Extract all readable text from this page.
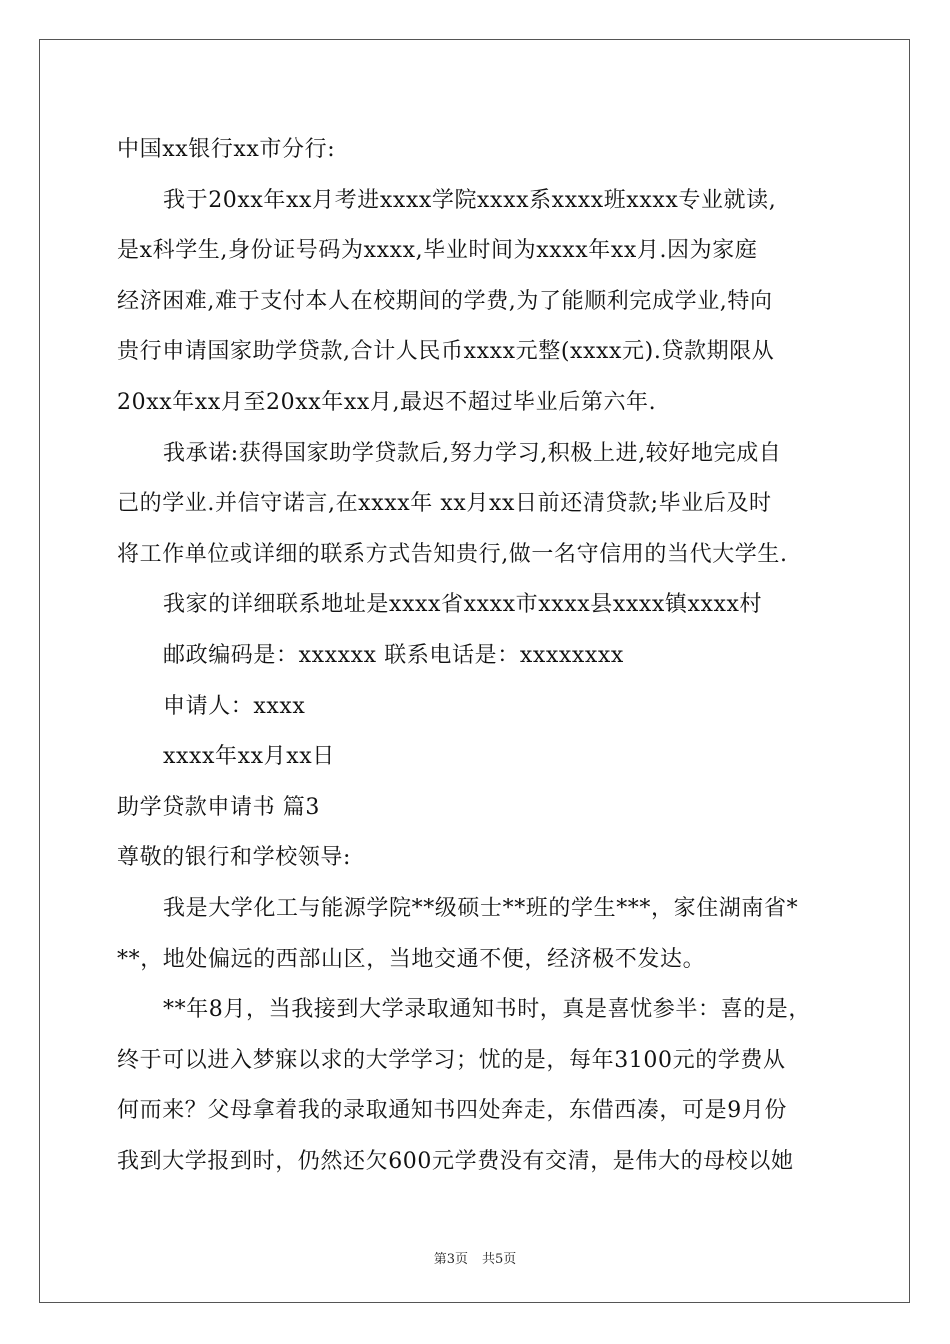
中国xx银行xx市分行:

我于20xx年xx月考进xxxx学院xxxx系xxxx班xxxx专业就读,

是x科学生,身份证号码为xxxx,毕业时间为xxxx年xx月.因为家庭

经济困难,难于支付本人在校期间的学费,为了能顺利完成学业,特向

贵行申请国家助学贷款,合计人民币xxxx元整(xxxx元).贷款期限从

20xx年xx月至20xx年xx月,最迟不超过毕业后第六年.

我承诺:获得国家助学贷款后,努力学习,积极上进,较好地完成自

己的学业.并信守诺言,在xxxx年 xx月xx日前还清贷款;毕业后及时

将工作单位或详细的联系方式告知贵行,做一名守信用的当代大学生.

我家的详细联系地址是xxxx省xxxx市xxxx县xxxx镇xxxx村

邮政编码是：xxxxxx 联系电话是：xxxxxxxx

申请人：xxxx

xxxx年xx月xx日

助学贷款申请书 篇3

尊敬的银行和学校领导:

我是大学化工与能源学院**级硕士**班的学生***，家住湖南省*

**，地处偏远的西部山区，当地交通不便，经济极不发达。

**年8月，当我接到大学录取通知书时，真是喜忧参半：喜的是，

终于可以进入梦寐以求的大学学习；忧的是，每年3100元的学费从

何而来？父母拿着我的录取通知书四处奔走，东借西凑，可是9月份

我到大学报到时，仍然还欠600元学费没有交清，是伟大的母校以她

第3页 共5页
